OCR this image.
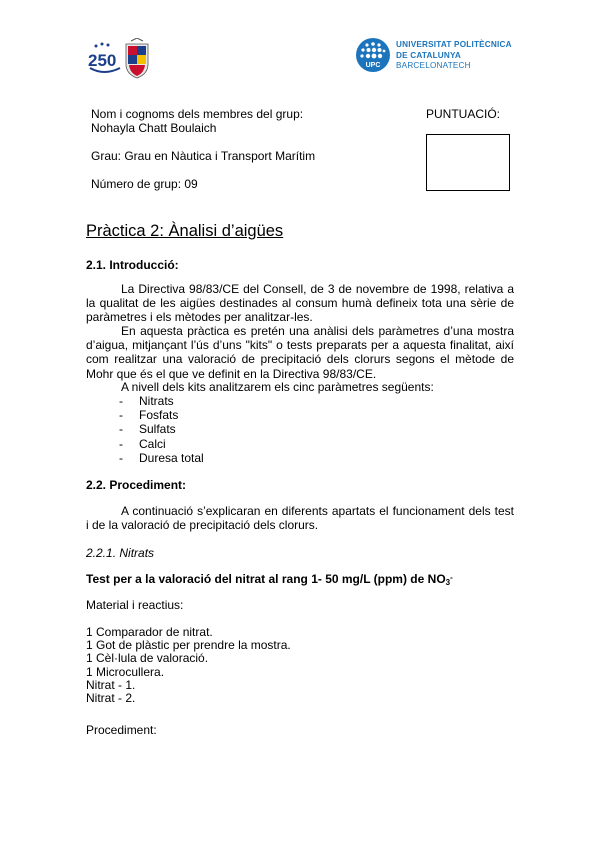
250	UPC
UNIVERSITAT POLITÈCNICA
DE CATALUNYA
BARCELONATECH
Nom i cognoms dels membres del grup:
Nohayla Chatt Boulaich
PUNTUACIÓ:
Grau: Grau en Nàutica i Transport Marítim
Número de grup: 09
Pràctica 2: Ànalisi d’aigües
2.1. Introducció:
La Directiva 98/83/CE del Consell, de 3 de novembre de 1998, relativa a
la qualitat de les aigües destinades al consum humà defineix tota una sèrie de
paràmetres i els mètodes per analitzar-les.
En aquesta pràctica es pretén una anàlisi dels paràmetres d’una mostra
d’aigua, mitjançant l’ús d’uns "kits" o tests preparats per a aquesta finalitat, així
com realitzar una valoració de precipitació dels clorurs segons el mètode de
Mohr que és el que ve definit en la Directiva 98/83/CE.
A nivell dels kits analitzarem els cinc paràmetres següents:
-	Nitrats
-	Fosfats
-	Sulfats
-	Calci
-	Duresa total
2.2. Procediment:
A continuació s’explicaran en diferents apartats el funcionament dels test
i de la valoració de precipitació dels clorurs.
2.2.1. Nitrats
Test per a la valoració del nitrat al rang 1- 50 mg/L (ppm) de $NO_3^-$
Material i reactius:
1 Comparador de nitrat.
1 Got de plàstic per prendre la mostra.
1 Cèl·lula de valoració.
1 Microcullera.
Nitrat - 1.
Nitrat - 2.
Procediment:
